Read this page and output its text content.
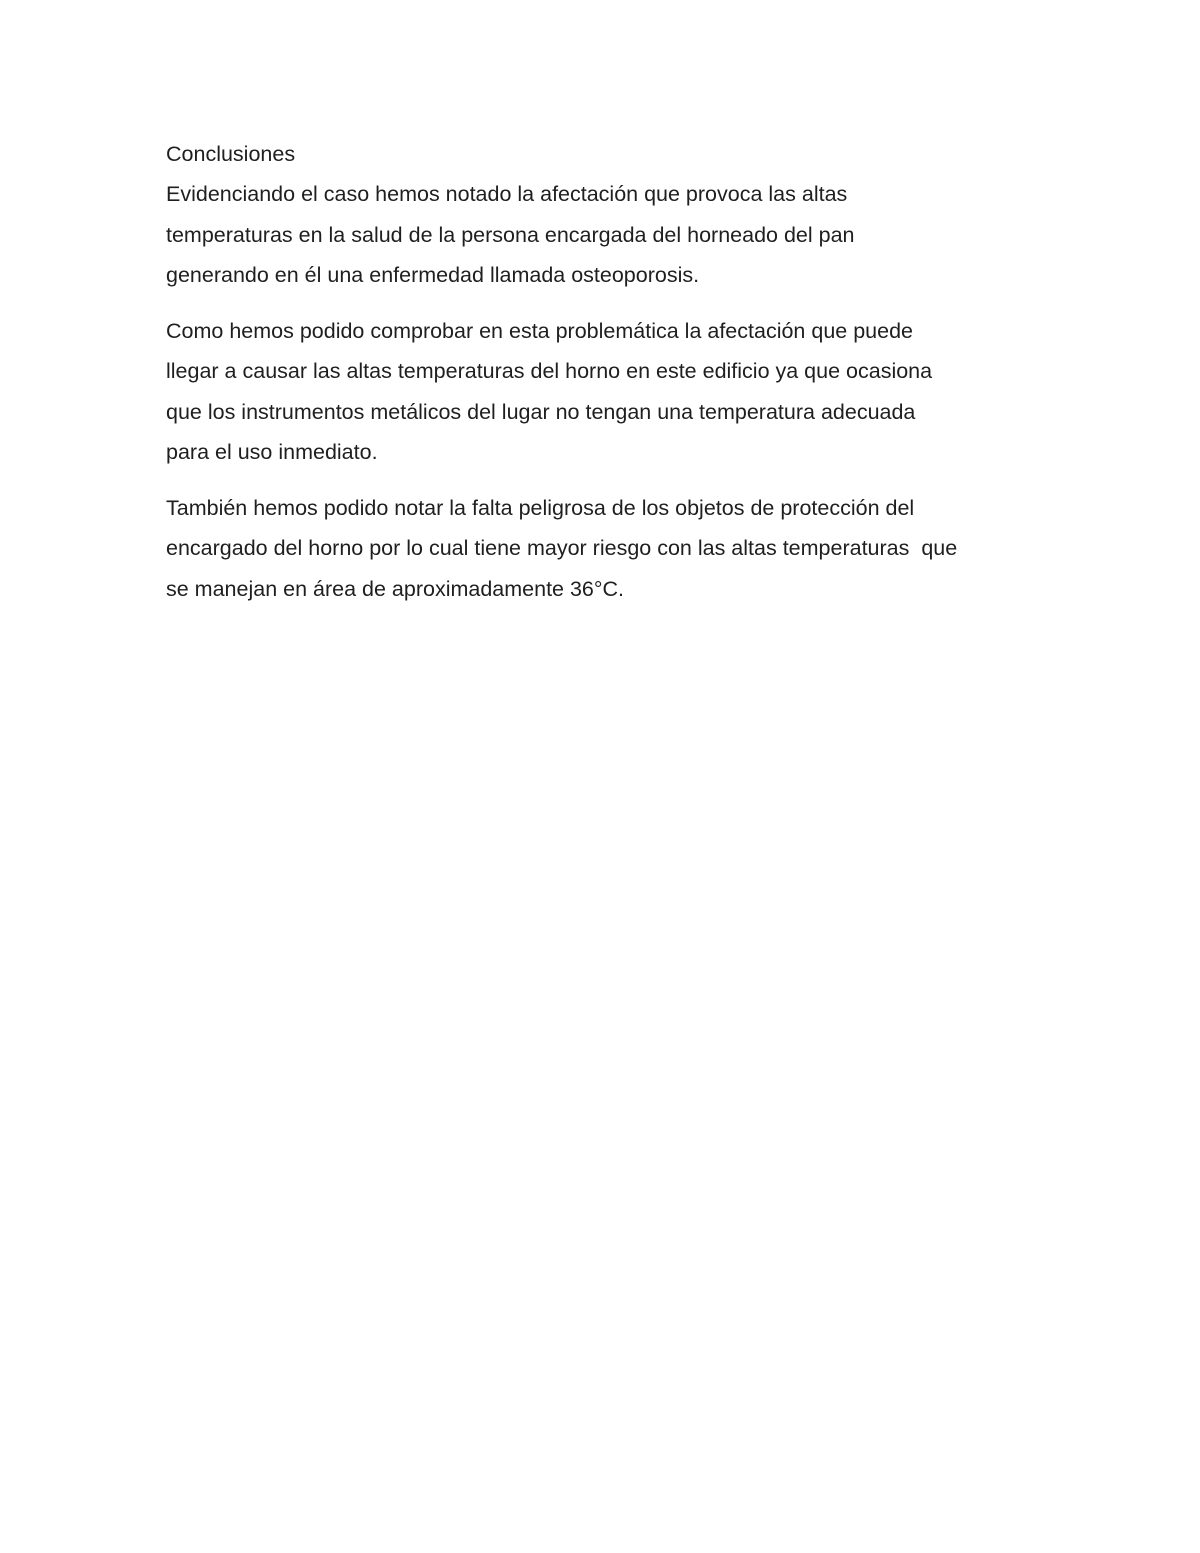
Conclusiones

Evidenciando el caso hemos notado la afectación que provoca las altas
temperaturas en la salud de la persona encargada del horneado del pan
generando en él una enfermedad llamada osteoporosis.

Como hemos podido comprobar en esta problemática la afectación que puede
llegar a causar las altas temperaturas del horno en este edificio ya que ocasiona
que los instrumentos metálicos del lugar no tengan una temperatura adecuada
para el uso inmediato.

También hemos podido notar la falta peligrosa de los objetos de protección del
encargado del horno por lo cual tiene mayor riesgo con las altas temperaturas  que
se manejan en área de aproximadamente 36°C.
